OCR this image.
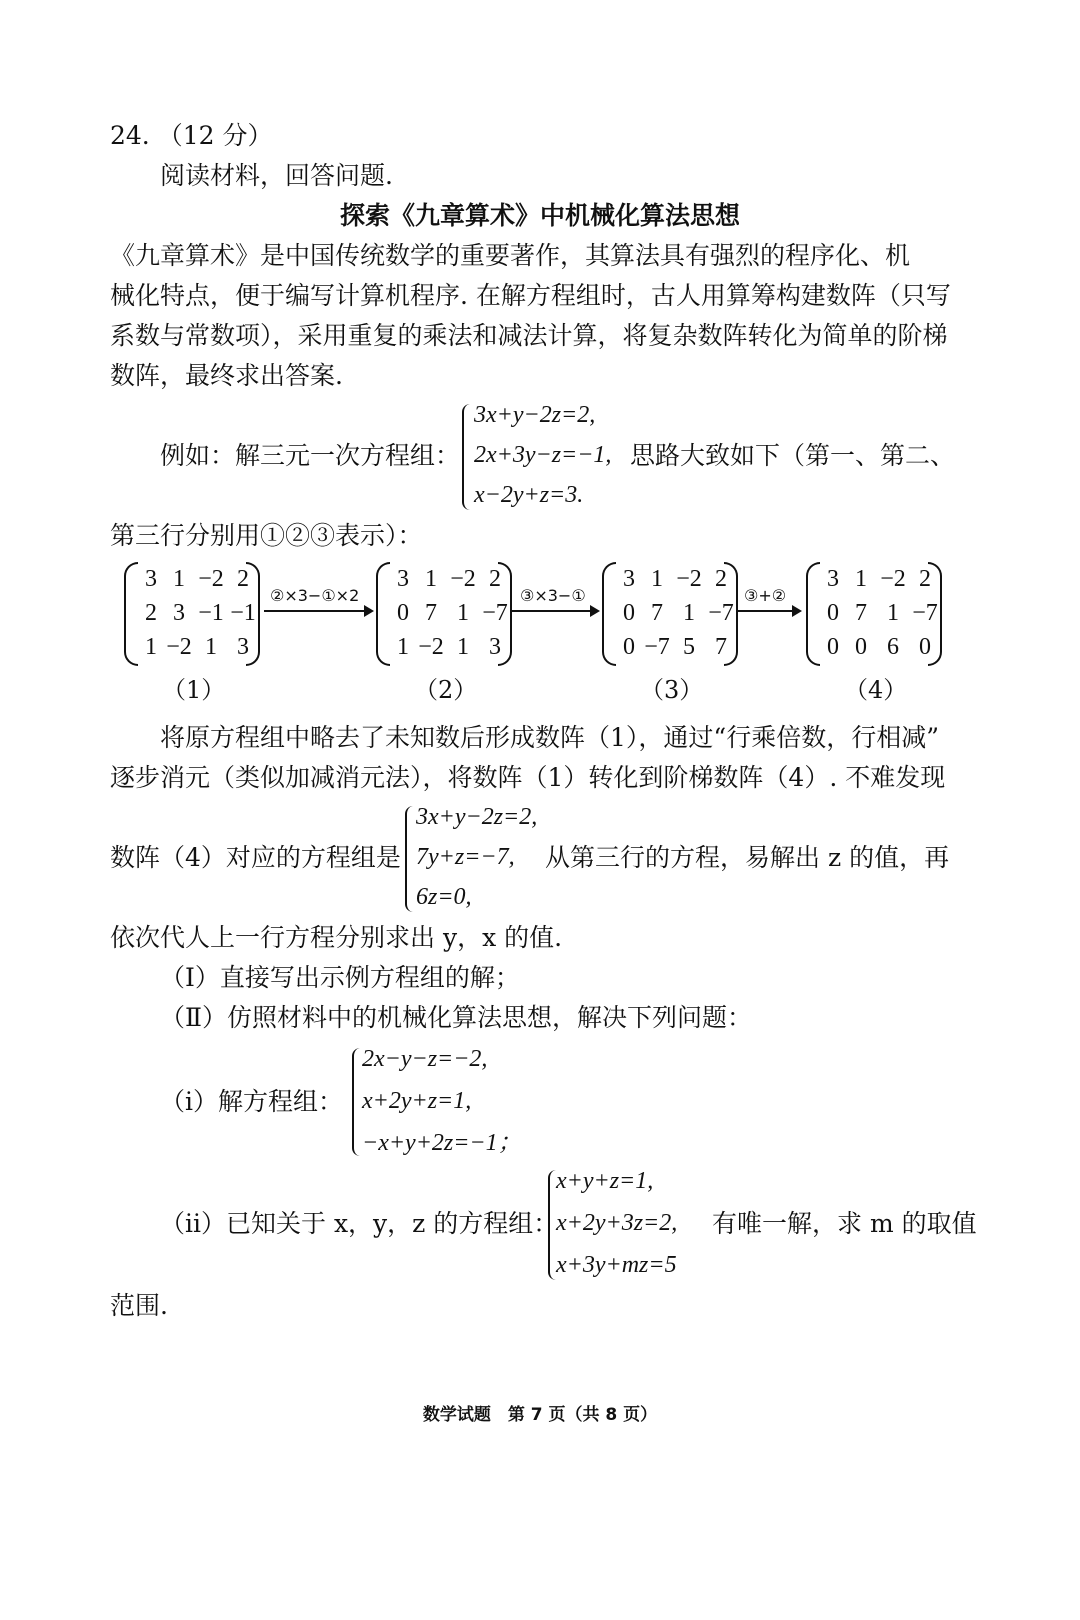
24. （12 分）
阅读材料，回答问题.
探索《九章算术》中机械化算法思想
《九章算术》是中国传统数学的重要著作，其算法具有强烈的程序化、机
械化特点，便于编写计算机程序. 在解方程组时，古人用算筹构建数阵（只写
系数与常数项），采用重复的乘法和减法计算，将复杂数阵转化为简单的阶梯
数阵，最终求出答案.
例如：解三元一次方程组：
3x+y−2z=2,
2x+3y−z=−1,
x−2y+z=3.
思路大致如下（第一、第二、
第三行分别用①②③表示）：
3 1 −2 2
2 3 −1 −1
1 −2 1 3
（1）
3 1 −2 2
0 7 1 −7
1 −2 1 3
（2）
3 1 −2 2
0 7 1 −7
0 −7 5 7
（3）
3 1 −2 2
0 7 1 −7
0 0 6 0
（4）
②×3−①×2	③×3−①	③+②
将原方程组中略去了未知数后形成数阵（1），通过“行乘倍数，行相减”
逐步消元（类似加减消元法），将数阵（1）转化到阶梯数阵（4）. 不难发现
数阵（4）对应的方程组是
3x+y−2z=2,
7y+z=−7,
6z=0,
从第三行的方程，易解出 z 的值，再
依次代人上一行方程分别求出 y，x 的值.
（Ⅰ）直接写出示例方程组的解；
（Ⅱ）仿照材料中的机械化算法思想，解决下列问题：
（ⅰ）解方程组：
2x−y−z=−2,
x+2y+z=1,
−x+y+2z=−1；
（ⅱ）已知关于 x，y，z 的方程组：
x+y+z=1,
x+2y+3z=2,
x+3y+mz=5
有唯一解，求 m 的取值
范围.
数学试题　第 7 页（共 8 页）
